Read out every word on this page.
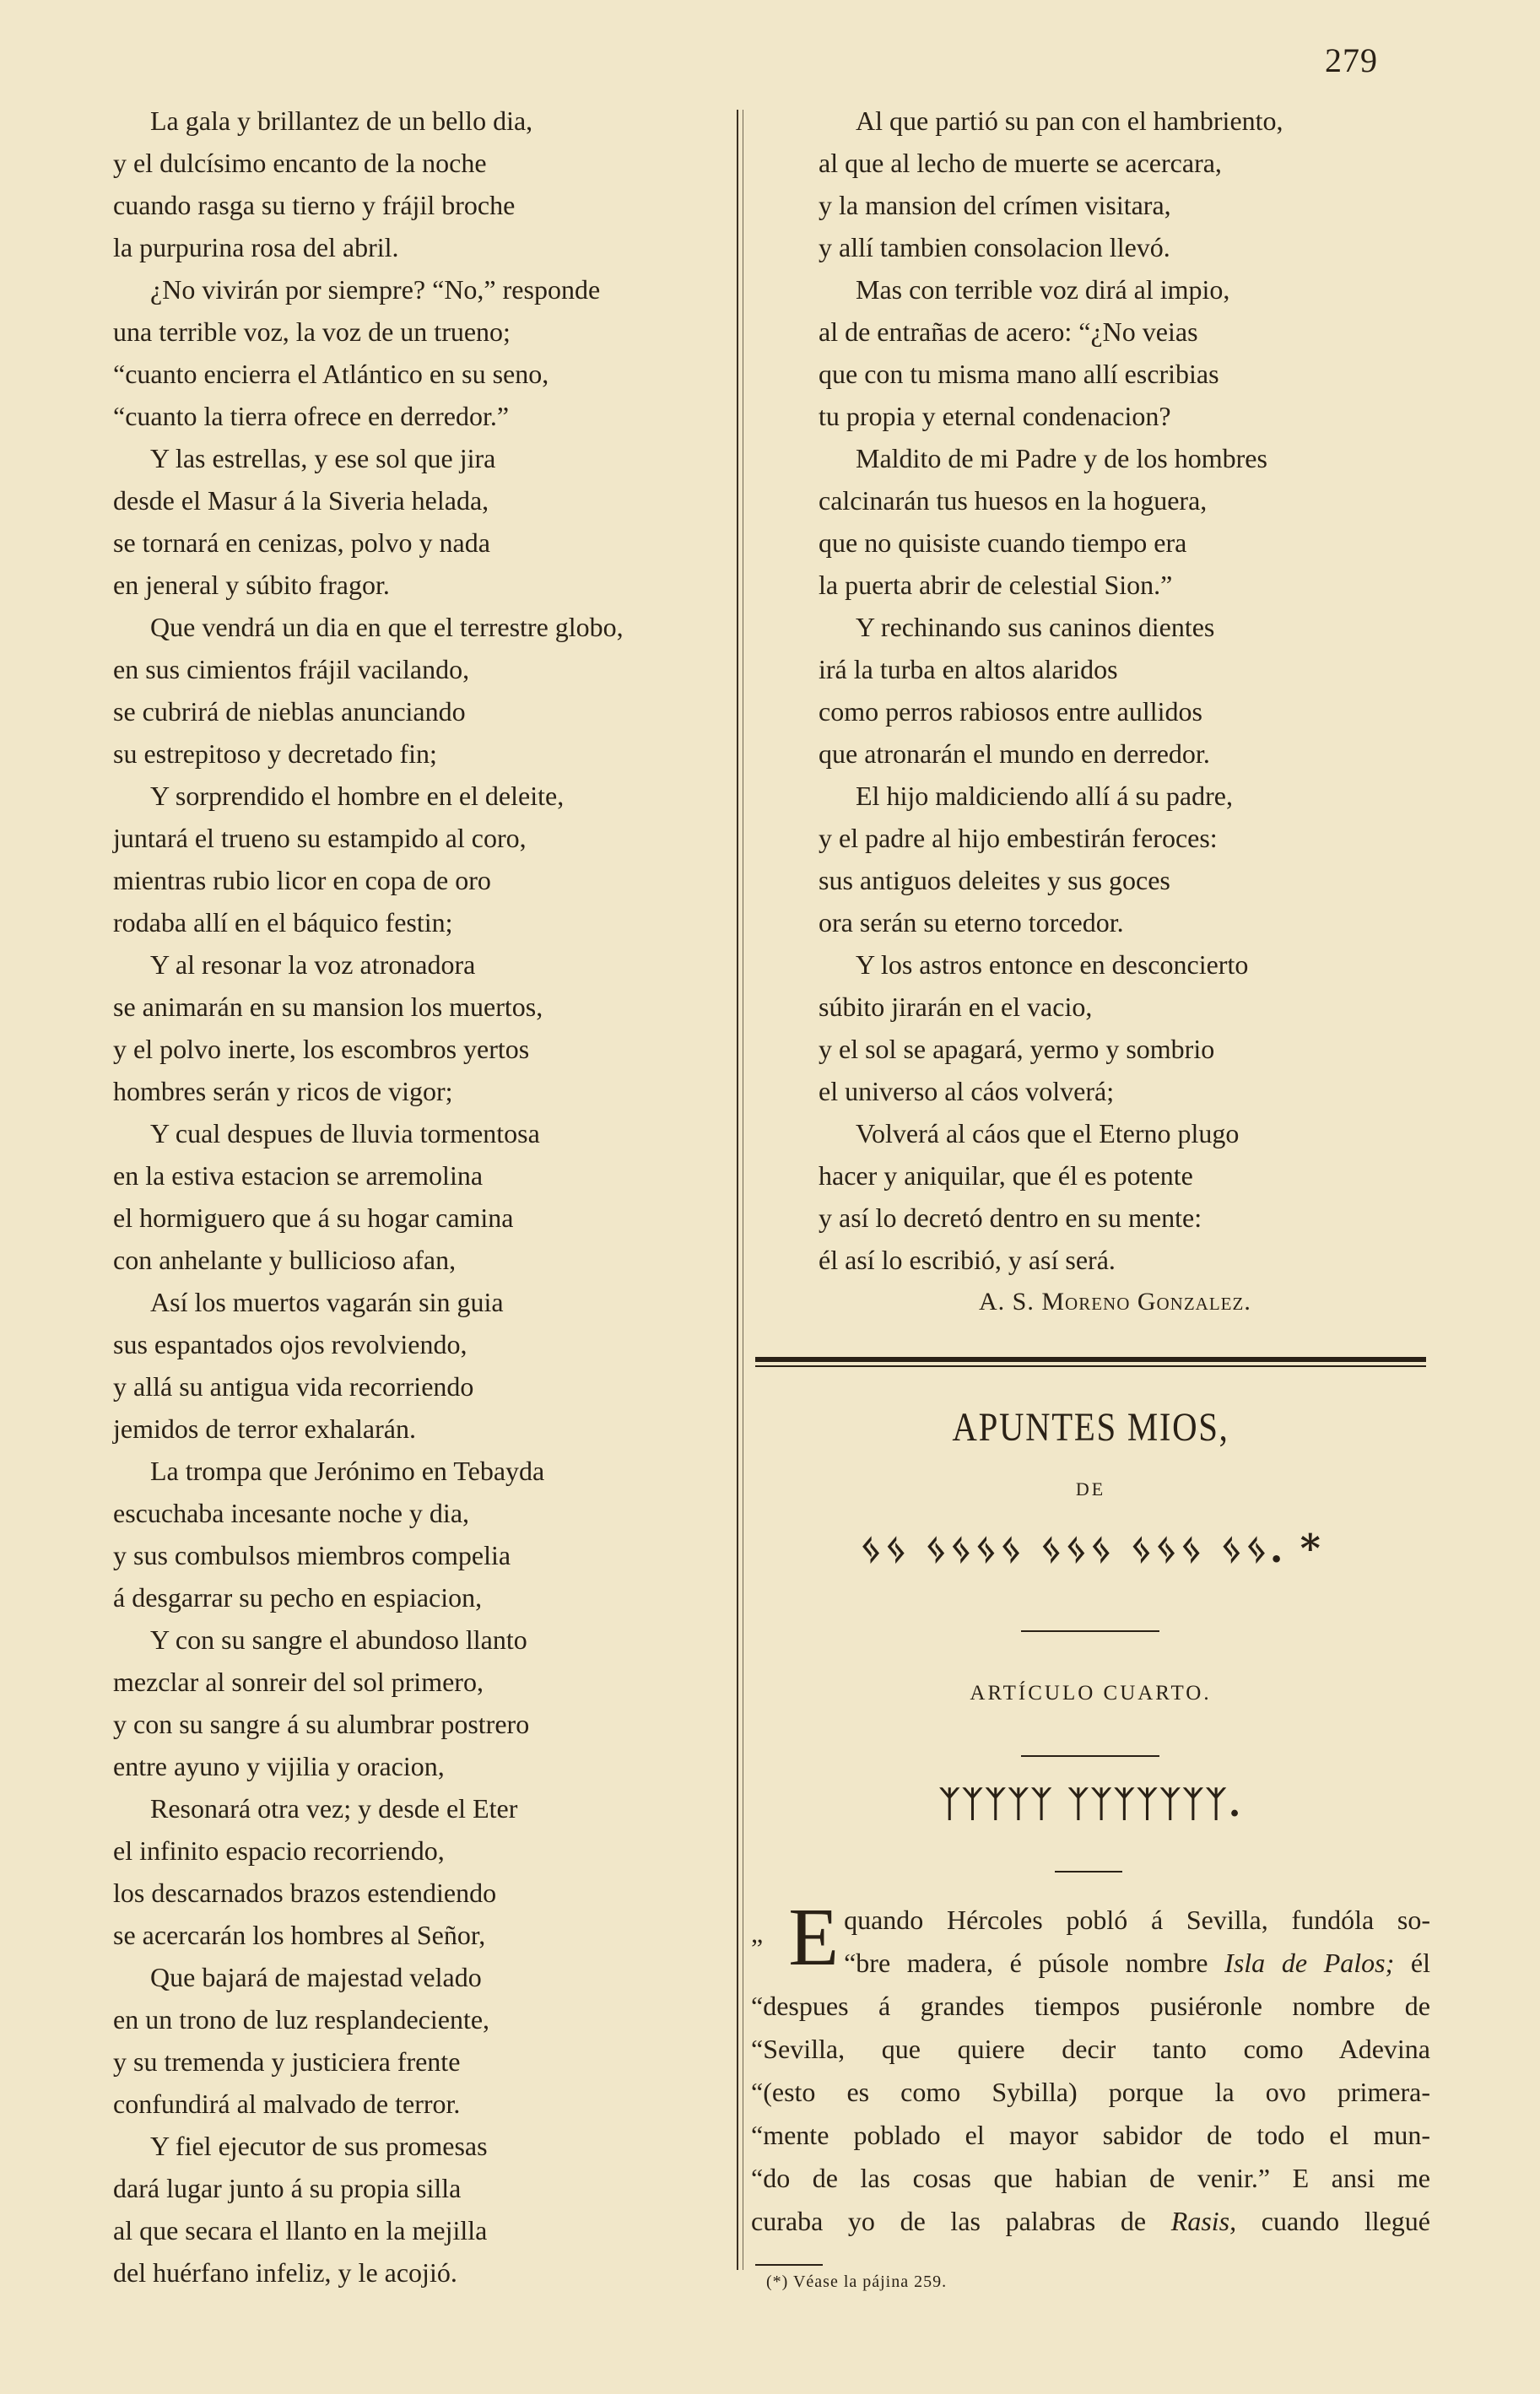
279
La gala y brillantez de un bello dia,
y el dulcísimo encanto de la noche
cuando rasga su tierno y frájil broche
la purpurina rosa del abril.
¿No vivirán por siempre? “No,” responde
una terrible voz, la voz de un trueno;
“cuanto encierra el Atlántico en su seno,
“cuanto la tierra ofrece en derredor.”
Y las estrellas, y ese sol que jira
desde el Masur á la Siveria helada,
se tornará en cenizas, polvo y nada
en jeneral y súbito fragor.
Que vendrá un dia en que el terrestre globo,
en sus cimientos frájil vacilando,
se cubrirá de nieblas anunciando
su estrepitoso y decretado fin;
Y sorprendido el hombre en el deleite,
juntará el trueno su estampido al coro,
mientras rubio licor en copa de oro
rodaba allí en el báquico festin;
Y al resonar la voz atronadora
se animarán en su mansion los muertos,
y el polvo inerte, los escombros yertos
hombres serán y ricos de vigor;
Y cual despues de lluvia tormentosa
en la estiva estacion se arremolina
el hormiguero que á su hogar camina
con anhelante y bullicioso afan,
Así los muertos vagarán sin guia
sus espantados ojos revolviendo,
y allá su antigua vida recorriendo
jemidos de terror exhalarán.
La trompa que Jerónimo en Tebayda
escuchaba incesante noche y dia,
y sus combulsos miembros compelia
á desgarrar su pecho en espiacion,
Y con su sangre el abundoso llanto
mezclar al sonreir del sol primero,
y con su sangre á su alumbrar postrero
entre ayuno y vijilia y oracion,
Resonará otra vez; y desde el Eter
el infinito espacio recorriendo,
los descarnados brazos estendiendo
se acercarán los hombres al Señor,
Que bajará de majestad velado
en un trono de luz resplandeciente,
y su tremenda y justiciera frente
confundirá al malvado de terror.
Y fiel ejecutor de sus promesas
dará lugar junto á su propia silla
al que secara el llanto en la mejilla
del huérfano infeliz, y le acojió.
Al que partió su pan con el hambriento,
al que al lecho de muerte se acercara,
y la mansion del crímen visitara,
y allí tambien consolacion llevó.
Mas con terrible voz dirá al impio,
al de entrañas de acero: “¿No veias
que con tu misma mano allí escribias
tu propia y eternal condenacion?
Maldito de mi Padre y de los hombres
calcinarán tus huesos en la hoguera,
que no quisiste cuando tiempo era
la puerta abrir de celestial Sion.”
Y rechinando sus caninos dientes
irá la turba en altos alaridos
como perros rabiosos entre aullidos
que atronarán el mundo en derredor.
El hijo maldiciendo allí á su padre,
y el padre al hijo embestirán feroces:
sus antiguos deleites y sus goces
ora serán su eterno torcedor.
Y los astros entonce en desconcierto
súbito jirarán en el vacio,
y el sol se apagará, yermo y sombrio
el universo al cáos volverá;
Volverá al cáos que el Eterno plugo
hacer y aniquilar, que él es potente
y así lo decretó dentro en su mente:
él así lo escribió, y así será.
A. S. Moreno Gonzalez.
APUNTES MIOS,
DE
ᛃᛃ ᛃᛃᛃᛃ ᛃᛃᛃ ᛃᛃᛃ ᛃᛃ. *
ARTÍCULO CUARTO.
ᛉᛉᛉᛉᛉ ᛉᛉᛉᛉᛉᛉᛉ.
„ E quando Hércoles pobló á Sevilla, fundóla so-
“bre madera, é púsole nombre Isla de Palos; él
“despues á grandes tiempos pusiéronle nombre de
“Sevilla, que quiere decir tanto como Adevina
“(esto es como Sybilla) porque la ovo primera-
“mente poblado el mayor sabidor de todo el mun-
“do de las cosas que habian de venir.” E ansi me
curaba yo de las palabras de Rasis, cuando llegué
(*) Véase la pájina 259.
